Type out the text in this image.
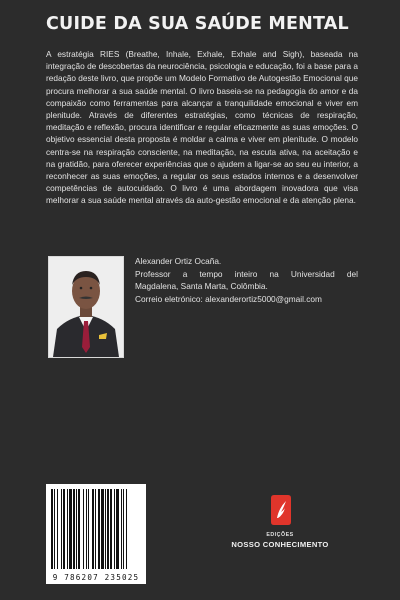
CUIDE DA SUA SAÚDE MENTAL
A estratégia RIES (Breathe, Inhale, Exhale, Exhale and Sigh), baseada na integração de descobertas da neurociência, psicologia e educação, foi a base para a redação deste livro, que propõe um Modelo Formativo de Autogestão Emocional que procura melhorar a sua saúde mental. O livro baseia-se na pedagogia do amor e da compaixão como ferramentas para alcançar a tranquilidade emocional e viver em plenitude. Através de diferentes estratégias, como técnicas de respiração, meditação e reflexão, procura identificar e regular eficazmente as suas emoções. O objetivo essencial desta proposta é moldar a calma e viver em plenitude. O modelo centra-se na respiração consciente, na meditação, na escuta ativa, na aceitação e na gratidão, para oferecer experiências que o ajudem a ligar-se ao seu eu interior, a reconhecer as suas emoções, a regular os seus estados internos e a desenvolver competências de autocuidado. O livro é uma abordagem inovadora que visa melhorar a sua saúde mental através da auto-gestão emocional e da atenção plena.
Alexander Ortiz Ocaña.
Professor a tempo inteiro na Universidad del
Magdalena, Santa Marta, Colômbia.
Correio eletrónico: alexanderortiz5000@gmail.com
9 786207 235025
EDIÇÕES
NOSSO CONHECIMENTO
